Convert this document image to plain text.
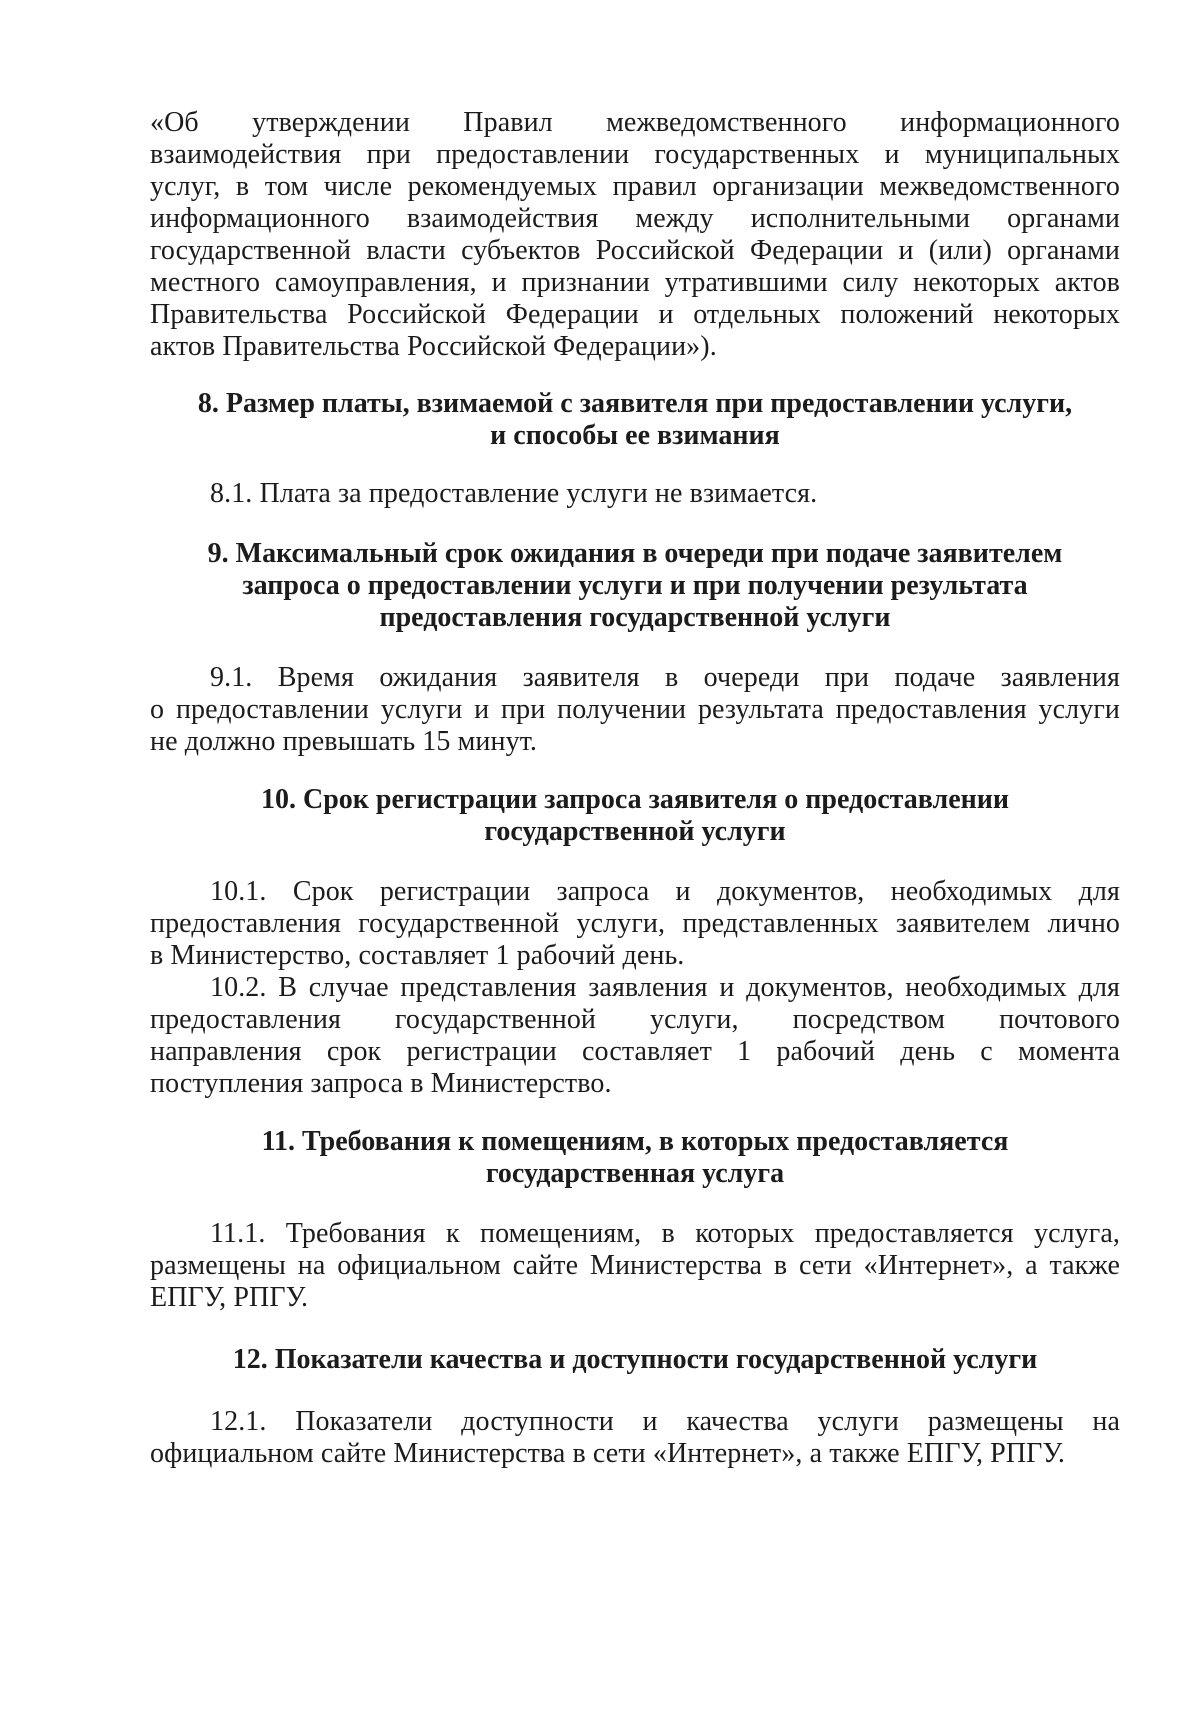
«Об утверждении Правил межведомственного информационного
взаимодействия при предоставлении государственных и муниципальных
услуг, в том числе рекомендуемых правил организации межведомственного
информационного взаимодействия между исполнительными органами
государственной власти субъектов Российской Федерации и (или) органами
местного самоуправления, и признании утратившими силу некоторых актов
Правительства Российской Федерации и отдельных положений некоторых
актов Правительства Российской Федерации»).
8. Размер платы, взимаемой с заявителя при предоставлении услуги,
и способы ее взимания
8.1. Плата за предоставление услуги не взимается.
9. Максимальный срок ожидания в очереди при подаче заявителем
запроса о предоставлении услуги и при получении результата
предоставления государственной услуги
9.1. Время ожидания заявителя в очереди при подаче заявления
о предоставлении услуги и при получении результата предоставления услуги
не должно превышать 15 минут.
10. Срок регистрации запроса заявителя о предоставлении
государственной услуги
10.1. Срок регистрации запроса и документов, необходимых для
предоставления государственной услуги, представленных заявителем лично
в Министерство, составляет 1 рабочий день.
10.2. В случае представления заявления и документов, необходимых для
предоставления государственной услуги, посредством почтового
направления срок регистрации составляет 1 рабочий день с момента
поступления запроса в Министерство.
11. Требования к помещениям, в которых предоставляется
государственная услуга
11.1. Требования к помещениям, в которых предоставляется услуга,
размещены на официальном сайте Министерства в сети «Интернет», а также
ЕПГУ, РПГУ.
12. Показатели качества и доступности государственной услуги
12.1. Показатели доступности и качества услуги размещены на
официальном сайте Министерства в сети «Интернет», а также ЕПГУ, РПГУ.
